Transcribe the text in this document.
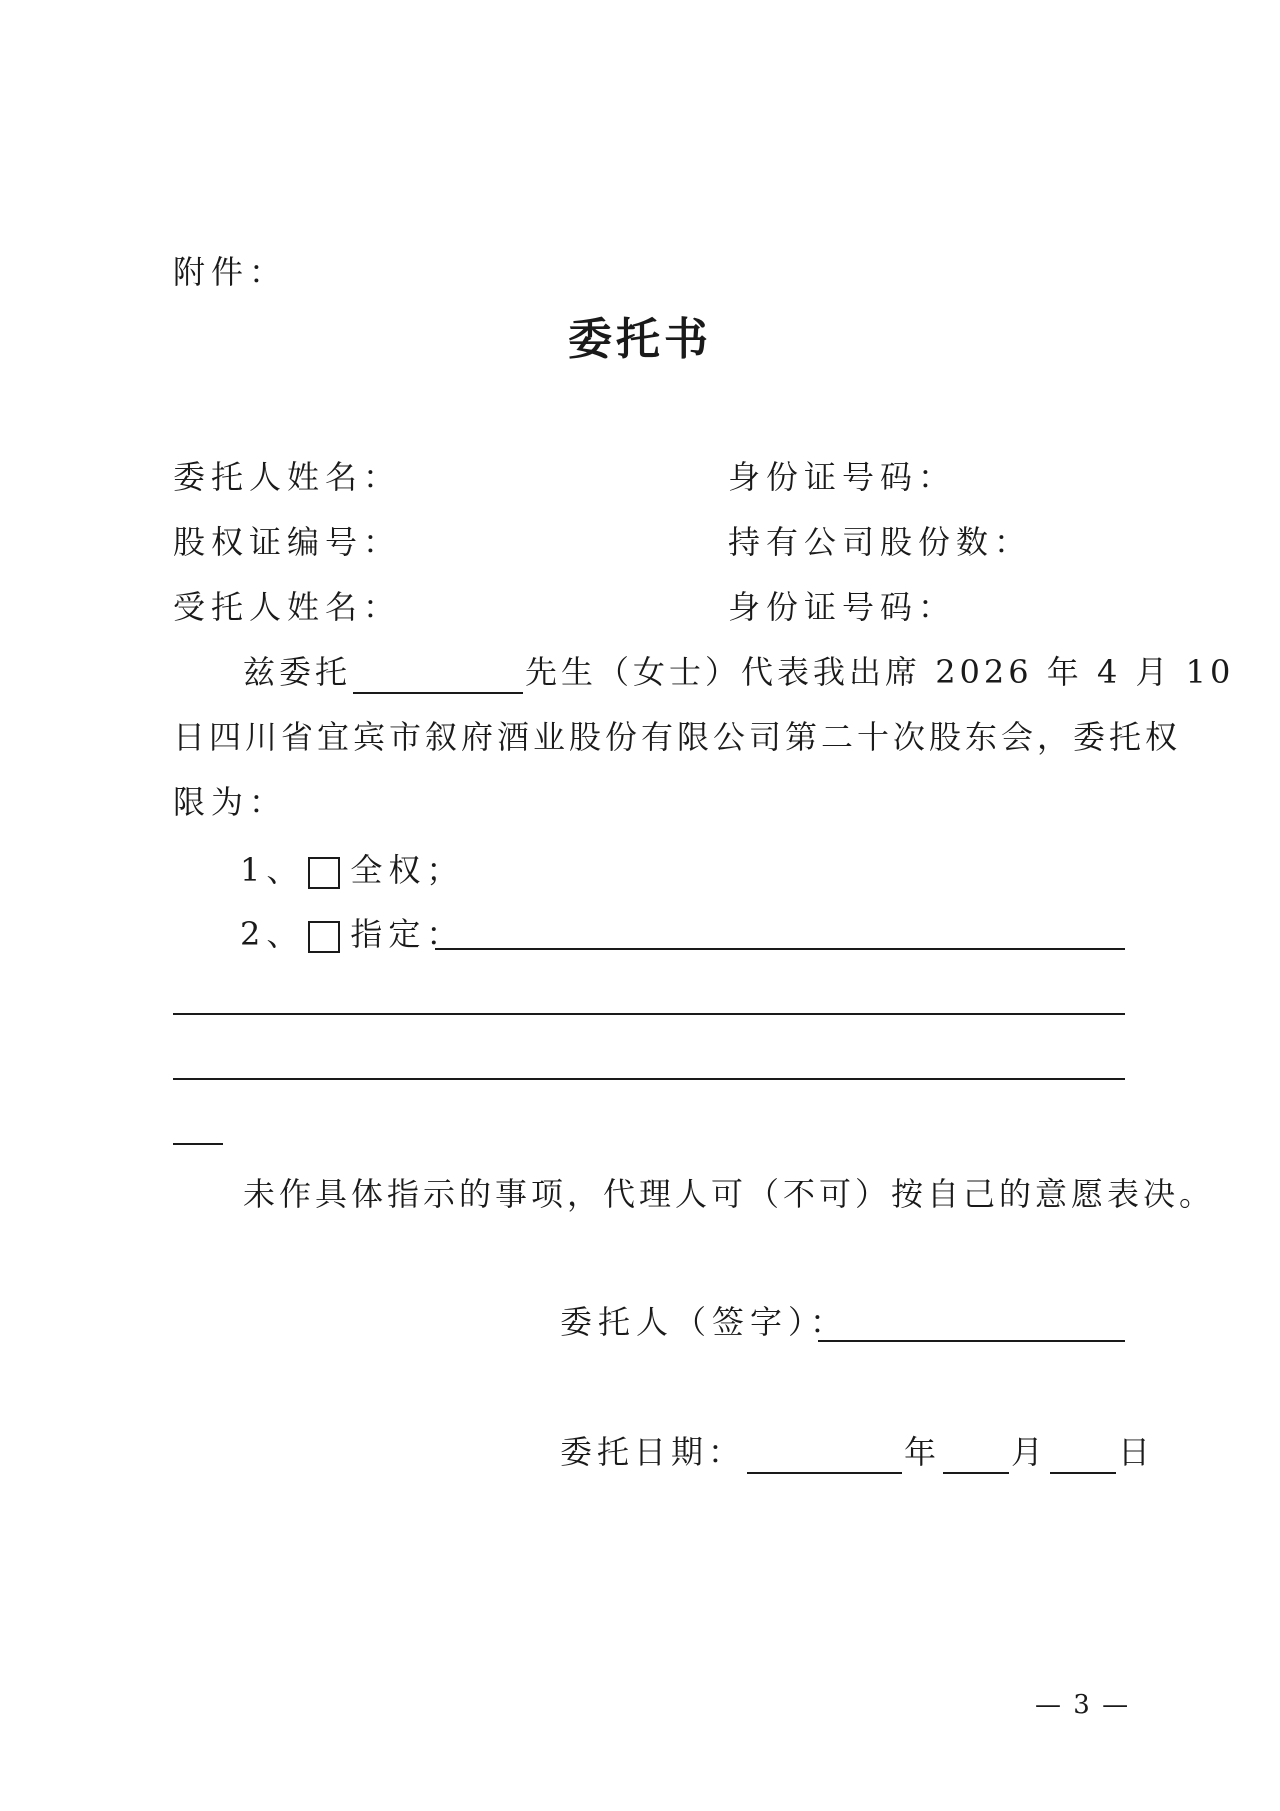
附件：
委托书
委托人姓名：	身份证号码：
股权证编号：	持有公司股份数：
受托人姓名：	身份证号码：
兹委托	先生（女士）代表我出席 2026 年 4 月 10
日四川省宜宾市叙府酒业股份有限公司第二十次股东会，委托权
限为：
1、 全权；
2、 指定：
未作具体指示的事项，代理人可（不可）按自己的意愿表决。
委托人（签字）：
委托日期：	年 月 日
— 3 —
